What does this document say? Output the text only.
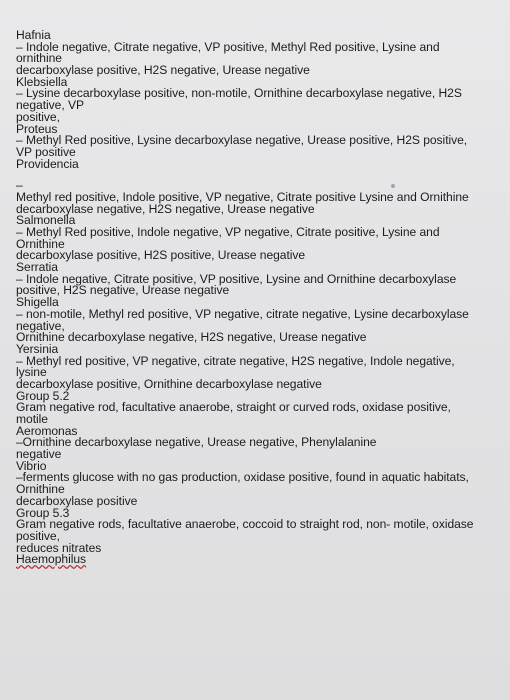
Hafnia
– Indole negative, Citrate negative, VP positive, Methyl Red positive, Lysine and
ornithine
decarboxylase positive, H2S negative, Urease negative
Klebsiella
– Lysine decarboxylase positive, non-motile, Ornithine decarboxylase negative, H2S
negative, VP
positive,
Proteus
– Methyl Red positive, Lysine decarboxylase negative, Urease positive, H2S positive,
VP positive
Providencia
–
Methyl red positive, Indole positive, VP negative, Citrate positive Lysine and Ornithine
decarboxylase negative, H2S negative, Urease negative
Salmonella
– Methyl Red positive, Indole negative, VP negative, Citrate positive, Lysine and
Ornithine
decarboxylase positive, H2S positive, Urease negative
Serratia
– Indole negative, Citrate positive, VP positive, Lysine and Ornithine decarboxylase
positive, H2S negative, Urease negative
Shigella
– non-motile, Methyl red positive, VP negative, citrate negative, Lysine decarboxylase
negative,
Ornithine decarboxylase negative, H2S negative, Urease negative
Yersinia
– Methyl red positive, VP negative, citrate negative, H2S negative, Indole negative,
lysine
decarboxylase positive, Ornithine decarboxylase negative
Group 5.2
Gram negative rod, facultative anaerobe, straight or curved rods, oxidase positive,
motile
Aeromonas
–Ornithine decarboxylase negative, Urease negative, Phenylalanine
negative
Vibrio
–ferments glucose with no gas production, oxidase positive, found in aquatic habitats,
Ornithine
decarboxylase positive
Group 5.3
Gram negative rods, facultative anaerobe, coccoid to straight rod, non- motile, oxidase
positive,
reduces nitrates
Haemophilus
